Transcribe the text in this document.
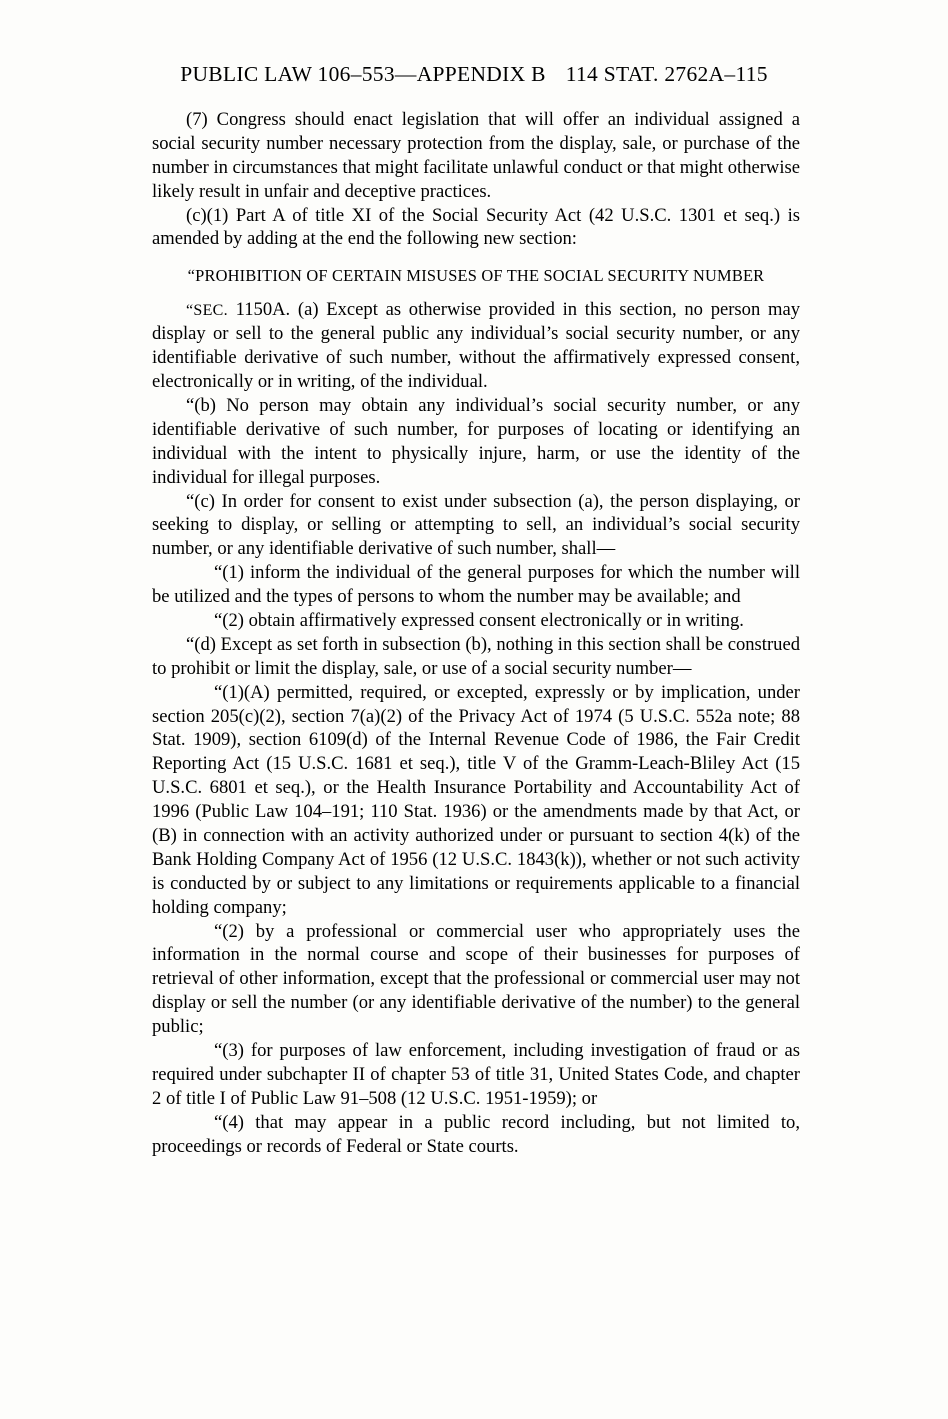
PUBLIC LAW 106–553—APPENDIX B 114 STAT. 2762A–115

(7) Congress should enact legislation that will offer an individual assigned a social security number necessary protection from the display, sale, or purchase of the number in circumstances that might facilitate unlawful conduct or that might otherwise likely result in unfair and deceptive practices.

(c)(1) Part A of title XI of the Social Security Act (42 U.S.C. 1301 et seq.) is amended by adding at the end the following new section:

“PROHIBITION OF CERTAIN MISUSES OF THE SOCIAL SECURITY NUMBER

“SEC. 1150A. (a) Except as otherwise provided in this section, no person may display or sell to the general public any individual’s social security number, or any identifiable derivative of such number, without the affirmatively expressed consent, electronically or in writing, of the individual.

“(b) No person may obtain any individual’s social security number, or any identifiable derivative of such number, for purposes of locating or identifying an individual with the intent to physically injure, harm, or use the identity of the individual for illegal purposes.

“(c) In order for consent to exist under subsection (a), the person displaying, or seeking to display, or selling or attempting to sell, an individual’s social security number, or any identifiable derivative of such number, shall—

“(1) inform the individual of the general purposes for which the number will be utilized and the types of persons to whom the number may be available; and

“(2) obtain affirmatively expressed consent electronically or in writing.

“(d) Except as set forth in subsection (b), nothing in this section shall be construed to prohibit or limit the display, sale, or use of a social security number—

“(1)(A) permitted, required, or excepted, expressly or by implication, under section 205(c)(2), section 7(a)(2) of the Privacy Act of 1974 (5 U.S.C. 552a note; 88 Stat. 1909), section 6109(d) of the Internal Revenue Code of 1986, the Fair Credit Reporting Act (15 U.S.C. 1681 et seq.), title V of the Gramm-Leach-Bliley Act (15 U.S.C. 6801 et seq.), or the Health Insurance Portability and Accountability Act of 1996 (Public Law 104–191; 110 Stat. 1936) or the amendments made by that Act, or (B) in connection with an activity authorized under or pursuant to section 4(k) of the Bank Holding Company Act of 1956 (12 U.S.C. 1843(k)), whether or not such activity is conducted by or subject to any limitations or requirements applicable to a financial holding company;

“(2) by a professional or commercial user who appropriately uses the information in the normal course and scope of their businesses for purposes of retrieval of other information, except that the professional or commercial user may not display or sell the number (or any identifiable derivative of the number) to the general public;

“(3) for purposes of law enforcement, including investigation of fraud or as required under subchapter II of chapter 53 of title 31, United States Code, and chapter 2 of title I of Public Law 91–508 (12 U.S.C. 1951-1959); or

“(4) that may appear in a public record including, but not limited to, proceedings or records of Federal or State courts.
